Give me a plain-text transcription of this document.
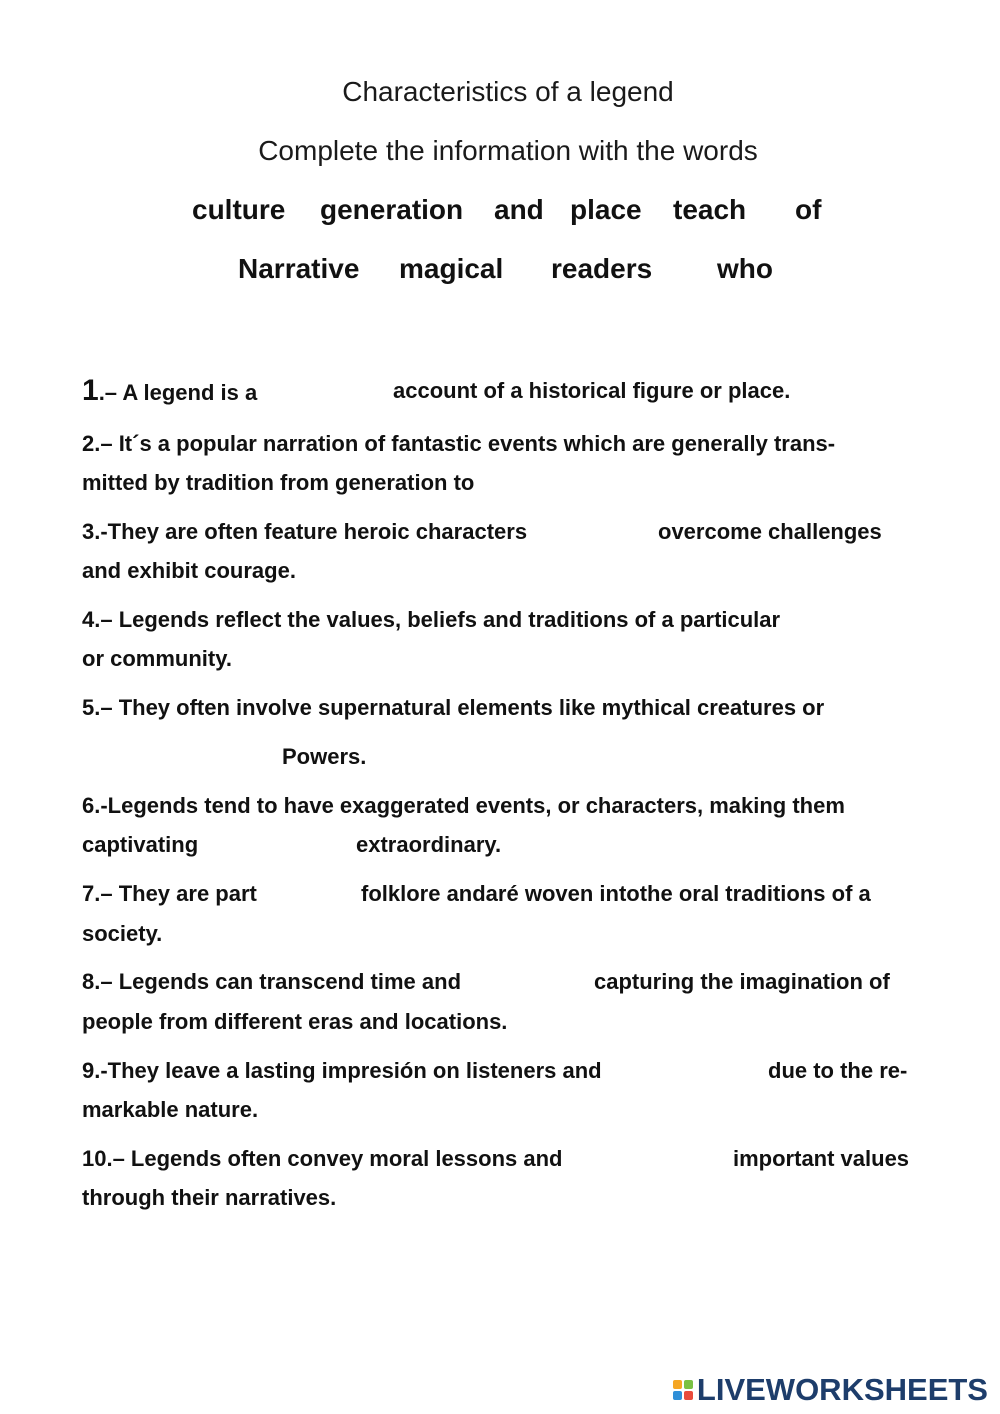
Characteristics of a legend
Complete the information with the words
culture generation and place teach of
Narrative magical readers who
1.– A legend is a	account of a historical figure or place.
2.– It´s a popular narration of fantastic events which are generally trans-
mitted by tradition from generation to
3.-They are often feature heroic characters	overcome challenges
and exhibit courage.
4.– Legends reflect the values, beliefs and traditions of a particular
or community.
5.– They often involve supernatural elements like mythical creatures or
Powers.
6.-Legends tend to have exaggerated events, or characters, making them
captivating	extraordinary.
7.– They are part	folklore andaré woven intothe oral traditions of a
society.
8.– Legends can transcend time and	capturing the imagination of
people from different eras and locations.
9.-They leave a lasting impresión on listeners and	due to the re-
markable nature.
10.– Legends often convey moral lessons and	important values
through their narratives.
LIVEWORKSHEETS
